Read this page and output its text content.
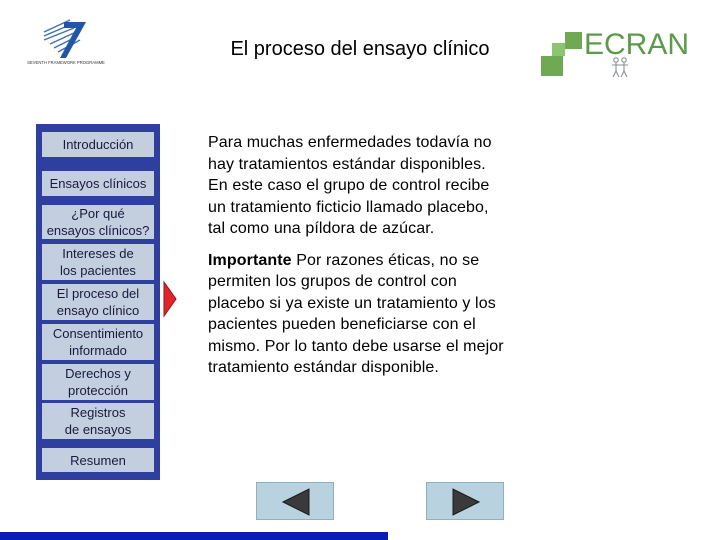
SEVENTH FRAMEWORK PROGRAMME
El proceso del ensayo clínico	ECRAN
Introducción
Ensayos clínicos
¿Por qué
ensayos clínicos?
Intereses de
los pacientes
El proceso del
ensayo clínico
Consentimiento
informado
Derechos y
protección
Registros
de ensayos
Resumen

Para muchas enfermedades todavía no hay tratamientos estándar disponibles. En este caso el grupo de control recibe un tratamiento ficticio llamado placebo, tal como una píldora de azúcar.

Importante Por razones éticas, no se permiten los grupos de control con placebo si ya existe un tratamiento y los pacientes pueden beneficiarse con el mismo. Por lo tanto debe usarse el mejor tratamiento estándar disponible.
